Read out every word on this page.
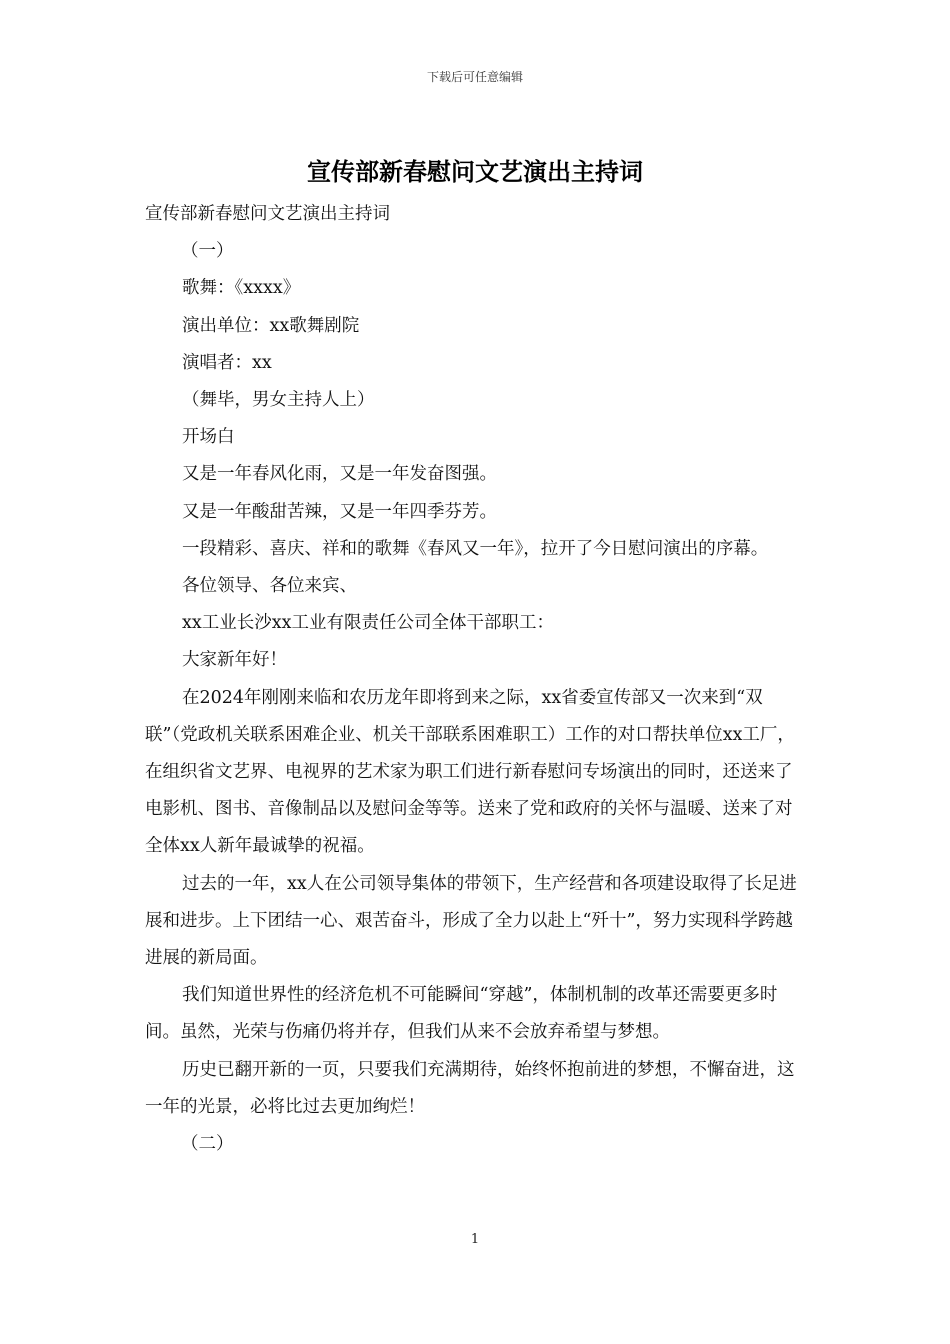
下载后可任意编辑
宣传部新春慰问文艺演出主持词

宣传部新春慰问文艺演出主持词

（一）

歌舞：《xxxx》

演出单位：xx歌舞剧院

演唱者：xx

（舞毕，男女主持人上）

开场白

又是一年春风化雨，又是一年发奋图强。

又是一年酸甜苦辣，又是一年四季芬芳。

一段精彩、喜庆、祥和的歌舞《春风又一年》，拉开了今日慰问演出的序幕。

各位领导、各位来宾、

xx工业长沙xx工业有限责任公司全体干部职工：

大家新年好！

在2024年刚刚来临和农历龙年即将到来之际，xx省委宣传部又一次来到“双联”（党政机关联系困难企业、机关干部联系困难职工）工作的对口帮扶单位xx工厂，在组织省文艺界、电视界的艺术家为职工们进行新春慰问专场演出的同时，还送来了电影机、图书、音像制品以及慰问金等等。送来了党和政府的关怀与温暖、送来了对全体xx人新年最诚挚的祝福。

过去的一年，xx人在公司领导集体的带领下，生产经营和各项建设取得了长足进展和进步。上下团结一心、艰苦奋斗，形成了全力以赴上“歼十”，努力实现科学跨越进展的新局面。

我们知道世界性的经济危机不可能瞬间“穿越”，体制机制的改革还需要更多时间。虽然，光荣与伤痛仍将并存，但我们从来不会放弃希望与梦想。

历史已翻开新的一页，只要我们充满期待，始终怀抱前进的梦想，不懈奋进，这一年的光景，必将比过去更加绚烂！

（二）

1
